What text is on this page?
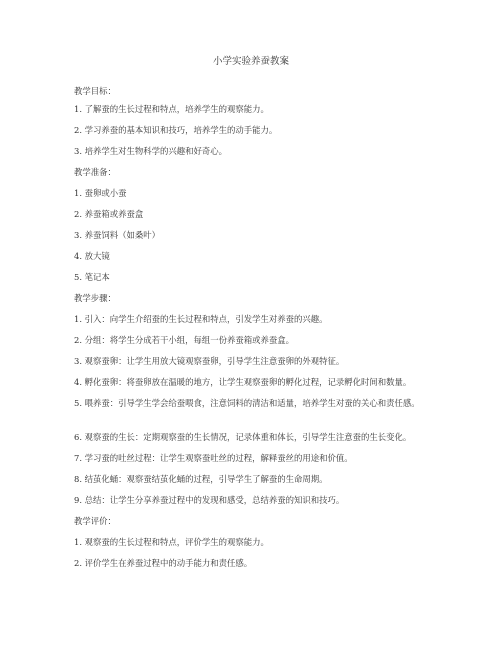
小学实验养蚕教案
教学目标：
1. 了解蚕的生长过程和特点，培养学生的观察能力。
2. 学习养蚕的基本知识和技巧，培养学生的动手能力。
3. 培养学生对生物科学的兴趣和好奇心。
教学准备：
1. 蚕卵或小蚕
2. 养蚕箱或养蚕盒
3. 养蚕饲料（如桑叶）
4. 放大镜
5. 笔记本
教学步骤：
1. 引入：向学生介绍蚕的生长过程和特点，引发学生对养蚕的兴趣。
2. 分组：将学生分成若干小组，每组一份养蚕箱或养蚕盒。
3. 观察蚕卵：让学生用放大镜观察蚕卵，引导学生注意蚕卵的外观特征。
4. 孵化蚕卵：将蚕卵放在温暖的地方，让学生观察蚕卵的孵化过程，记录孵化时间和数量。
5. 喂养蚕：引导学生学会给蚕喂食，注意饲料的清洁和适量，培养学生对蚕的关心和责任感。
6. 观察蚕的生长：定期观察蚕的生长情况，记录体重和体长，引导学生注意蚕的生长变化。
7. 学习蚕的吐丝过程：让学生观察蚕吐丝的过程，解释蚕丝的用途和价值。
8. 结茧化蛹：观察蚕结茧化蛹的过程，引导学生了解蚕的生命周期。
9. 总结：让学生分享养蚕过程中的发现和感受，总结养蚕的知识和技巧。
教学评价：
1. 观察蚕的生长过程和特点，评价学生的观察能力。
2. 评价学生在养蚕过程中的动手能力和责任感。
